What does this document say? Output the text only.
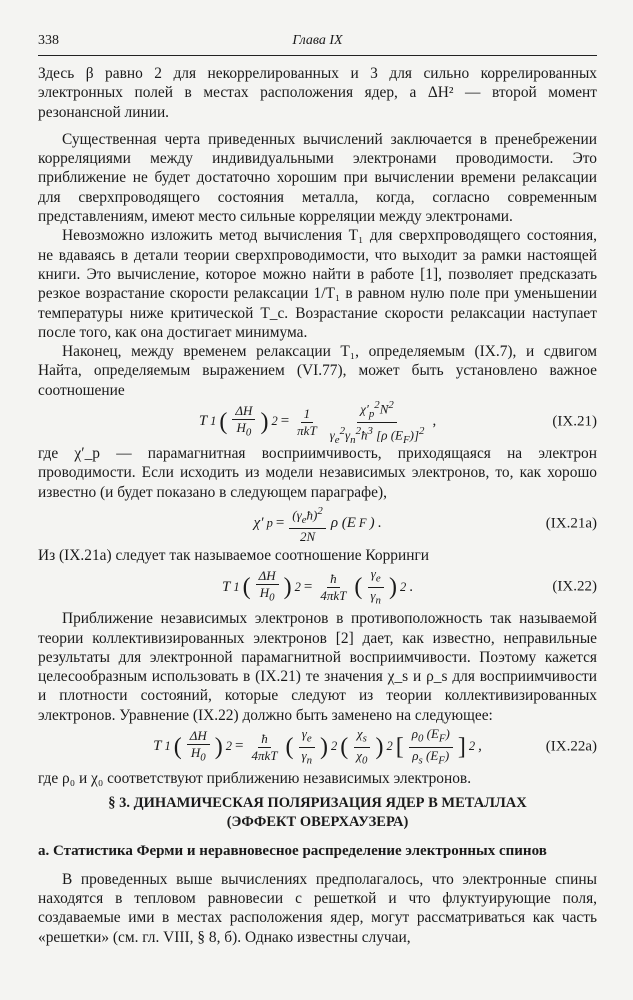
338	Глава IX

Здесь β равно 2 для некоррелированных и 3 для сильно коррелированных электронных полей в местах расположения ядер, а ΔH² — второй момент резонансной линии.

Существенная черта приведенных вычислений заключается в пренебрежении корреляциями между индивидуальными электронами проводимости. Это приближение не будет достаточно хорошим при вычислении времени релаксации для сверхпроводящего состояния металла, когда, согласно современным представлениям, имеют место сильные корреляции между электронами.

Невозможно изложить метод вычисления T₁ для сверхпроводящего состояния, не вдаваясь в детали теории сверхпроводимости, что выходит за рамки настоящей книги. Это вычисление, которое можно найти в работе [1], позволяет предсказать резкое возрастание скорости релаксации 1/T₁ в равном нулю поле при уменьшении температуры ниже критической T_c. Возрастание скорости релаксации наступает после того, как она достигает минимума.

Наконец, между временем релаксации T₁, определяемым (IX.7), и сдвигом Найта, определяемым выражением (VI.77), может быть установлено важное соотношение

T 1 ( $\frac{\Delta H}{H_0}$ ) $2 = \frac{1}{\text{πkT}} \frac{\chi'_p^2N^2}{\gamma_e^2\gamma_n^2ħ^3 [\rho (E_F)]^2}$ ,	(IX.21)

где χ′_p — парамагнитная восприимчивость, приходящаяся на электрон проводимости. Если исходить из модели независимых электронов, то, как хорошо известно (и будет показано в следующем параграфе),

χ′ $p = \frac{(\gamma_eħ)^2}{2N}$ ρ (E F ) .	(IX.21a)

Из (IX.21a) следует так называемое соотношение Корринги

T 1 ( $\frac{\Delta H}{H_0}$ ) $2 = \frac{ħ}{\text{4πkT}}$ ( $\frac{\gamma_e}{\gamma_n}$ ) 2 .	(IX.22)

Приближение независимых электронов в противоположность так называемой теории коллективизированных электронов [2] дает, как известно, неправильные результаты для электронной парамагнитной восприимчивости. Поэтому кажется целесообразным использовать в (IX.21) те значения χ_s и ρ_s для восприимчивости и плотности состояний, которые следуют из теории коллективизированных электронов. Уравнение (IX.22) должно быть заменено на следующее:

T 1 ( $\frac{\Delta H}{H_0}$ ) $2 = \frac{ħ}{\text{4πkT}}$ ( $\frac{\gamma_e}{\gamma_n}$ ) 2 ( $\frac{\chi_s}{\chi_0}$ ) 2 [ $\frac{\rho_0 (E_F)}{\rho_s (E_F)}$ ] 2 ,	(IX.22a)

где ρ₀ и χ₀ соответствуют приближению независимых электронов.

§ 3. ДИНАМИЧЕСКАЯ ПОЛЯРИЗАЦИЯ ЯДЕР В МЕТАЛЛАХ
(ЭФФЕКТ ОВЕРХАУЗЕРА)
а. Статистика Ферми и неравновесное распределение электронных спинов

В проведенных выше вычислениях предполагалось, что электронные спины находятся в тепловом равновесии с решеткой и что флуктуирующие поля, создаваемые ими в местах расположения ядер, могут рассматриваться как часть «решетки» (см. гл. VIII, § 8, б). Однако известны случаи,
